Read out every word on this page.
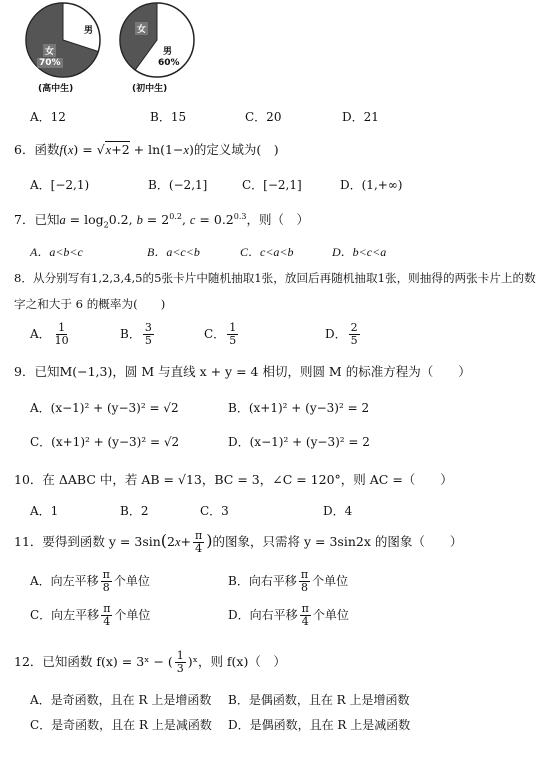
男
女
70%
女
男
60%
(高中生)	(初中生)
A．12	B．15	C．20	D．21
6．函数f(x) = √x+2 + ln(1−x)的定义域为(　)
A．[−2,1)	B．(−2,1]	C．[−2,1]	D．(1,+∞)
7．已知$a = \log_20.2$, $b = 2^{0.2}$, $c = 0.2^{0.3}$，则（　）
A．a<b<c	B．a<c<b	C．c<a<b	D．b<c<a
8．从分别写有1,2,3,4,5的5张卡片中随机抽取1张，放回后再随机抽取1张，则抽得的两张卡片上的数
字之和大于 6 的概率为(　　)
A． $\frac{1}{10}$	B． $\frac{3}{5}$	C． $\frac{1}{5}$	D． $\frac{2}{5}$
9．已知M(−1,3)，圆 M 与直线 x + y = 4 相切，则圆 M 的标准方程为（　　）
A．(x−1)² + (y−3)² = √2	B．(x+1)² + (y−3)² = 2
C．(x+1)² + (y−3)² = √2	D．(x−1)² + (y−3)² = 2
10．在 ΔABC 中，若 AB = √13，BC = 3，∠C = 120°，则 AC =（　　）
A．1	B．2	C．3	D．4
11．要得到函数 $y = 3\sin(2x+ \frac{\pi}{4}$ )的图象，只需将 y = 3sin2x 的图象（　　）
A．向左平移 $\frac{\pi}{8}$ 个单位	B．向右平移 $\frac{\pi}{8}$ 个单位
C．向左平移 $\frac{\pi}{4}$ 个单位	D．向右平移 $\frac{\pi}{4}$ 个单位
12．已知函数 f(x) = 3ˣ − ( $\frac{1}{3}$ )ˣ，则 f(x)（　）
A．是奇函数，且在 R 上是增函数 B．是偶函数，且在 R 上是增函数
C．是奇函数，且在 R 上是减函数 D．是偶函数，且在 R 上是减函数
